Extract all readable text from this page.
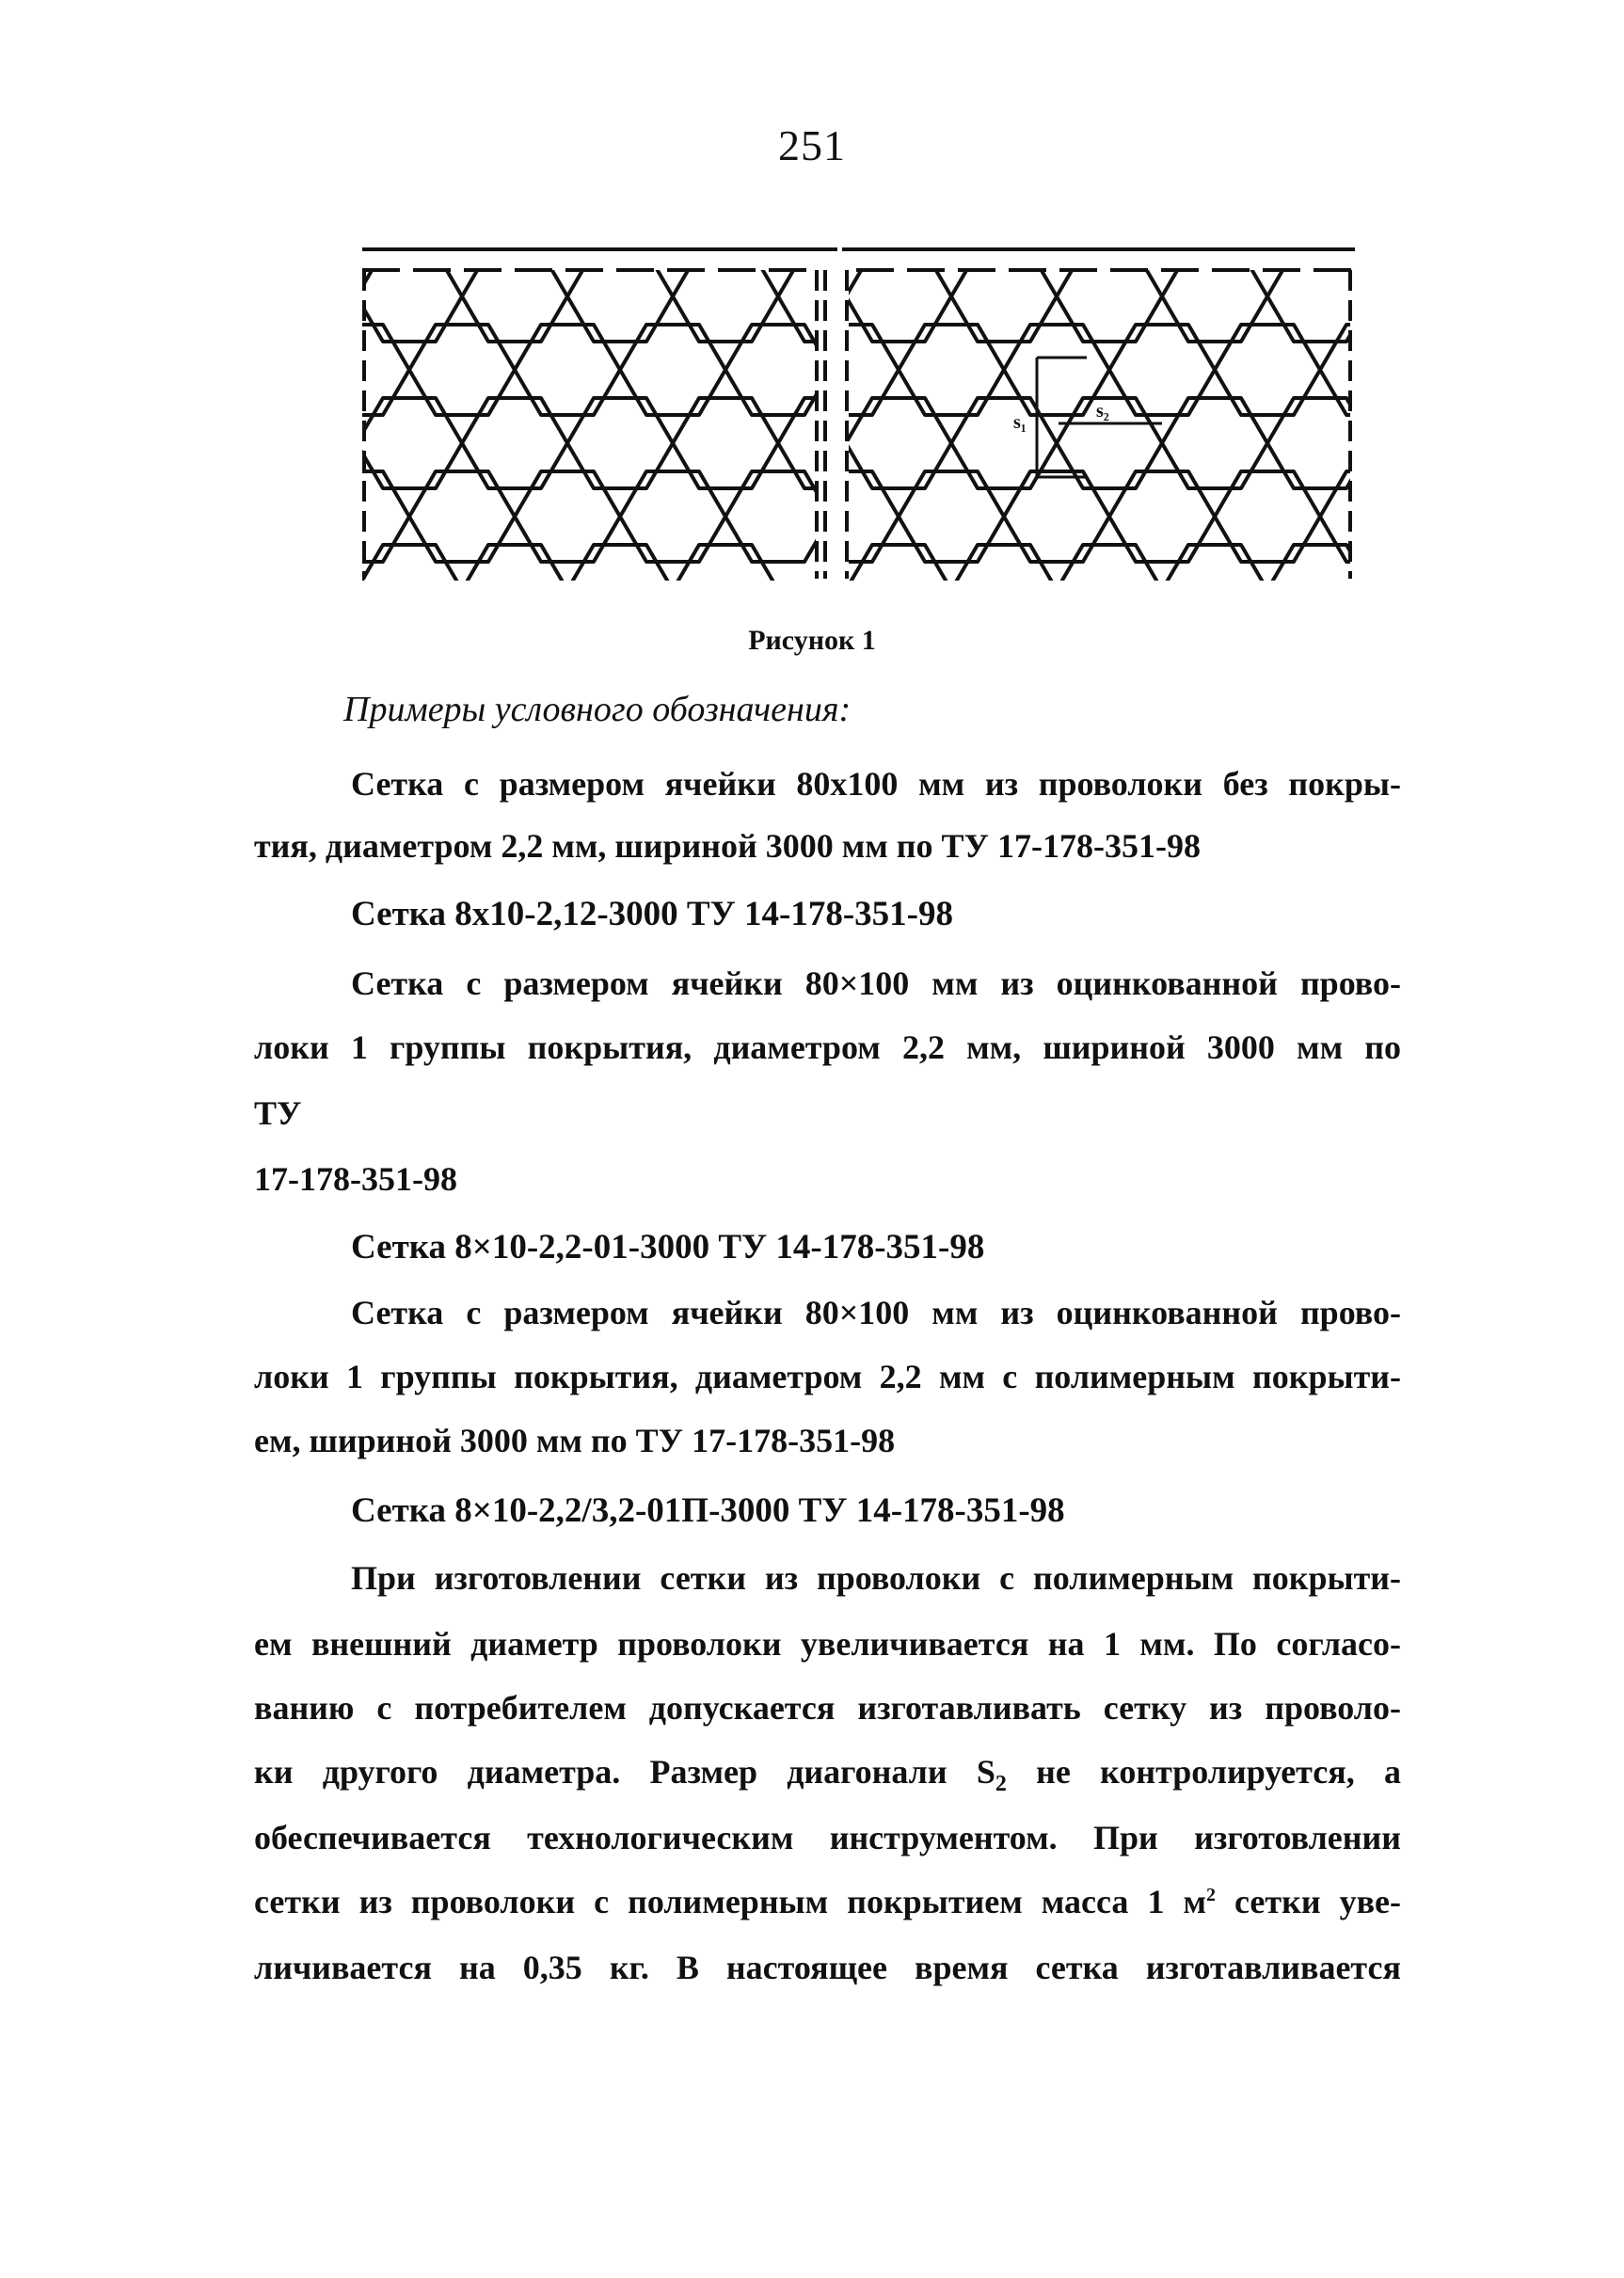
251
s₁
s₂
Рисунок 1
Примеры условного обозначения:
Сетка с размером ячейки 80х100 мм из проволоки без покры-
тия, диаметром 2,2 мм, шириной 3000 мм по ТУ 17-178-351-98
Сетка 8х10-2,12-3000 ТУ 14-178-351-98
Сетка с размером ячейки 80×100 мм из оцинкованной прово-
локи 1 группы покрытия, диаметром 2,2 мм, шириной 3000 мм по
ТУ
17-178-351-98
Сетка 8×10-2,2-01-3000 ТУ 14-178-351-98
Сетка с размером ячейки 80×100 мм из оцинкованной прово-
локи 1 группы покрытия, диаметром 2,2 мм с полимерным покрыти-
ем, шириной 3000 мм по ТУ 17-178-351-98
Сетка 8×10-2,2/3,2-01П-3000 ТУ 14-178-351-98
При изготовлении сетки из проволоки с полимерным покрыти-
ем внешний диаметр проволоки увеличивается на 1 мм. По согласо-
ванию с потребителем допускается изготавливать сетку из проволо-
ки другого диаметра. Размер диагонали $S_2$ не контролируется, а
обеспечивается технологическим инструментом. При изготовлении
сетки из проволоки с полимерным покрытием масса 1 $м^2$ сетки уве-
личивается на 0,35 кг. В настоящее время сетка изготавливается
